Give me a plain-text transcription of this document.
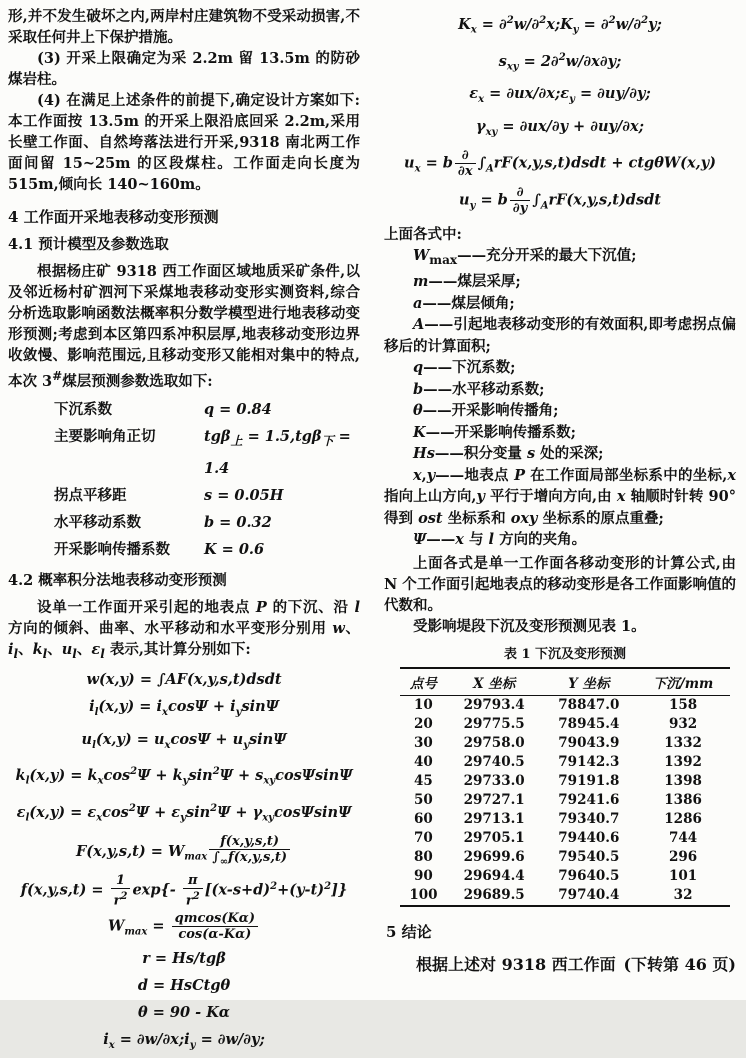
形,并不发生破坏之内,两岸村庄建筑物不受采动损害,不采取任何井上下保护措施。

(3) 开采上限确定为采 2.2m 留 13.5m 的防砂煤岩柱。

(4) 在满足上述条件的前提下,确定设计方案如下:本工作面按 13.5m 的开采上限沿底回采 2.2m,采用长壁工作面、自然垮落法进行开采,9318 南北两工作面间留 15~25m 的区段煤柱。工作面走向长度为 515m,倾向长 140~160m。

4 工作面开采地表移动变形预测
4.1 预计模型及参数选取

根据杨庄矿 9318 西工作面区域地质采矿条件,以及邻近杨村矿泗河下采煤地表移动变形实测资料,综合分析选取影响函数法概率积分数学模型进行地表移动变形预测;考虑到本区第四系冲积层厚,地表移动变形边界收敛慢、影响范围远,且移动变形又能相对集中的特点,本次 3#煤层预测参数选取如下:

下沉系数	q = 0.84
主要影响角正切	tgβ$_上$ = 1.5,tgβ$_下$ = 1.4
拐点平移距	s = 0.05H
水平移动系数	b = 0.32
开采影响传播系数	K = 0.6
4.2 概率积分法地表移动变形预测

设单一工作面开采引起的地表点 P 的下沉、沿 l 方向的倾斜、曲率、水平移动和水平变形分别用 w、$i_l$、$k_l$、$u_l$、$\varepsilon_l$ 表示,其计算分别如下:

w(x,y) = ∫AF(x,y,s,t)dsdt
$i_l(x,y) = i_x\cos\Psi + i_y\sin\Psi$
$u_l(x,y) = u_x\cos\Psi + u_y\sin\Psi$
$k_l(x,y) = k_x\cos^2\Psi + k_y\sin^2\Psi + s_{xy}\cos\Psi\sin\Psi$
$\varepsilon_l(x,y) = \varepsilon_x\cos^2\Psi + \varepsilon_y\sin^2\Psi + \gamma_{xy}\cos\Psi\sin\Psi$
$F(x,y,s,t) = W_{max} \frac{f(x,y,s,t)}{\int_\infty f(x,y,s,t)}$
$f(x,y,s,t) = \frac{1}{r^2} \exp\{- \frac{\pi}{r^2} [(x-s+d)^2+(y-t)^2]\}$
$W_{max} = \frac{qmcos(K\alpha)}{\cos(\alpha-K\alpha)}$
r = Hs/tgβ
d = HsCtgθ
θ = 90 - Kα
$i_x$ = $\partial w/\partial x;i_y = \partial w/\partial y$;
$K_x$ = $\partial^2w/\partial^2x;K_y = \partial^2w/\partial^2y$;
$s_{xy} = 2\partial^2w/\partial x\partial y$;
$\varepsilon_x$ = $\partial ux/\partial x;\varepsilon_y = \partial uy/\partial y$;
$\gamma_{xy} = \partial ux/\partial y + \partial uy/\partial x$;
$u_x = b \frac{\partial}{\partial x}$ $\int_ArF(x,y,s,t)dsdt + ctg\theta W(x,y)$
$u_y = b \frac{\partial}{\partial y}$ $\int_ArF(x,y,s,t)dsdt$

上面各式中:

$W_{max}——$充分开采的最大下沉值;

m——煤层采厚;

a——煤层倾角;

A——引起地表移动变形的有效面积,即考虑拐点偏移后的计算面积;

q——下沉系数;

b——水平移动系数;

θ——开采影响传播角;

K——开采影响传播系数;

Hs——积分变量 s 处的采深;

x,y——地表点 P 在工作面局部坐标系中的坐标,x 指向上山方向,y 平行于增向方向,由 x 轴顺时针转 90°得到 ost 坐标系和 oxy 坐标系的原点重叠;

Ψ——x 与 l 方向的夹角。

上面各式是单一工作面各移动变形的计算公式,由 N 个工作面引起地表点的移动变形是各工作面影响值的代数和。

受影响堤段下沉及变形预测见表 1。

表 1 下沉及变形预测
点号	X 坐标	Y 坐标	下沉/mm
10	29793.4	78847.0	158
20	29775.5	78945.4	932
30	29758.0	79043.9	1332
40	29740.5	79142.3	1392
45	29733.0	79191.8	1398
50	29727.1	79241.6	1386
60	29713.1	79340.7	1286
70	29705.1	79440.6	744
80	29699.6	79540.5	296
90	29694.4	79640.5	101
100	29689.5	79740.4	32
5 结论
根据上述对 9318 西工作面 (下转第 46 页)
